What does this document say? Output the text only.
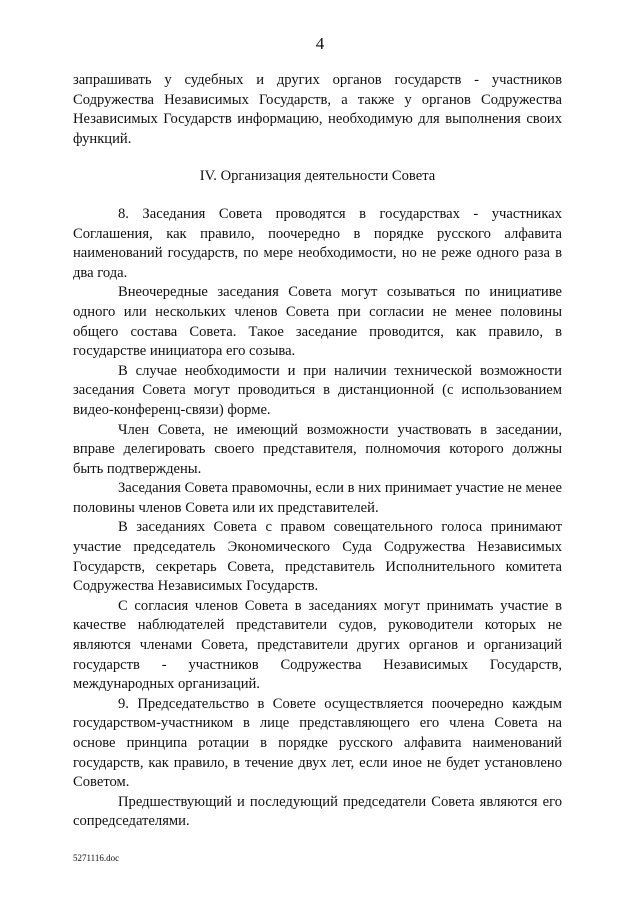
4

запрашивать у судебных и других органов государств - участников Содружества Независимых Государств, а также у органов Содружества Независимых Государств информацию, необходимую для выполнения своих функций.

IV. Организация деятельности Совета

8. Заседания Совета проводятся в государствах - участниках Соглашения, как правило, поочередно в порядке русского алфавита наименований государств, по мере необходимости, но не реже одного раза в два года.

Внеочередные заседания Совета могут созываться по инициативе одного или нескольких членов Совета при согласии не менее половины общего состава Совета. Такое заседание проводится, как правило, в государстве инициатора его созыва.

В случае необходимости и при наличии технической возможности заседания Совета могут проводиться в дистанционной (с использованием видео-конференц-связи) форме.

Член Совета, не имеющий возможности участвовать в заседании, вправе делегировать своего представителя, полномочия которого должны быть подтверждены.

Заседания Совета правомочны, если в них принимает участие не менее половины членов Совета или их представителей.

В заседаниях Совета с правом совещательного голоса принимают участие председатель Экономического Суда Содружества Независимых Государств, секретарь Совета, представитель Исполнительного комитета Содружества Независимых Государств.

С согласия членов Совета в заседаниях могут принимать участие в качестве наблюдателей представители судов, руководители которых не являются членами Совета, представители других органов и организаций государств - участников Содружества Независимых Государств, международных организаций.

9. Председательство в Совете осуществляется поочередно каждым государством-участником в лице представляющего его члена Совета на основе принципа ротации в порядке русского алфавита наименований государств, как правило, в течение двух лет, если иное не будет установлено Советом.

Предшествующий и последующий председатели Совета являются его сопредседателями.

5271116.doc
